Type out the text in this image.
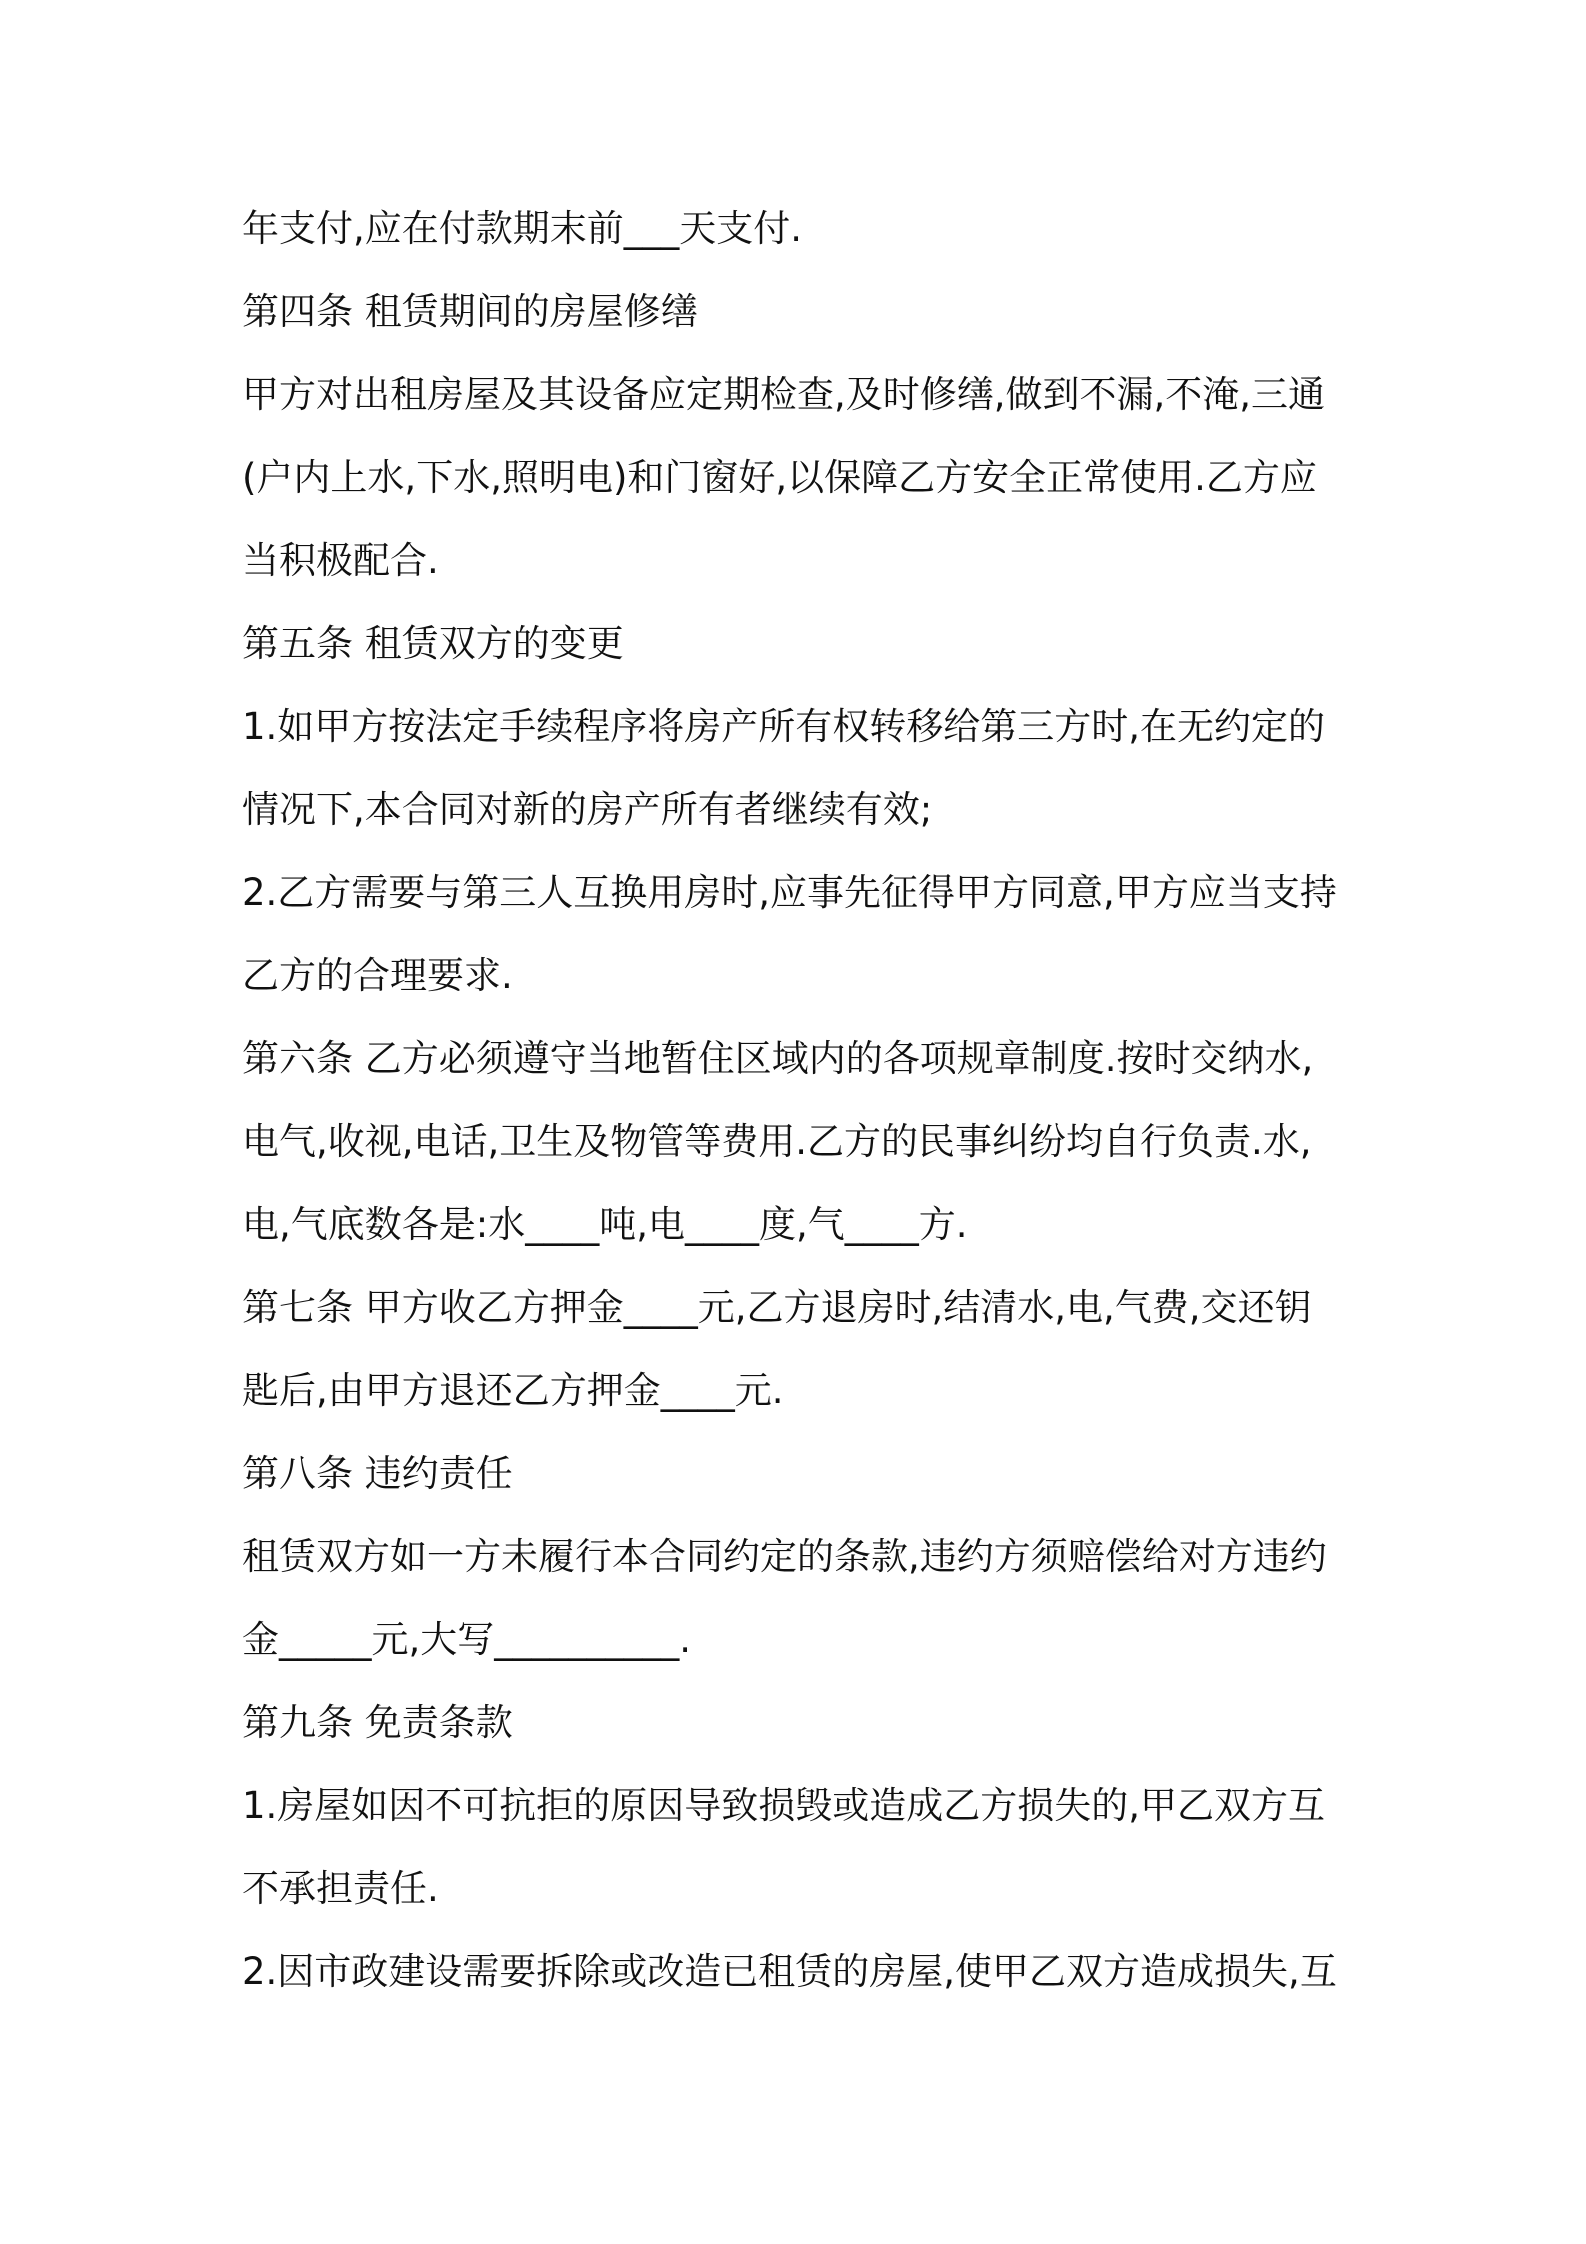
年支付,应在付款期末前___天支付.

第四条 租赁期间的房屋修缮

甲方对出租房屋及其设备应定期检查,及时修缮,做到不漏,不淹,三通

(户内上水,下水,照明电)和门窗好,以保障乙方安全正常使用.乙方应

当积极配合.

第五条 租赁双方的变更

1.如甲方按法定手续程序将房产所有权转移给第三方时,在无约定的

情况下,本合同对新的房产所有者继续有效;

2.乙方需要与第三人互换用房时,应事先征得甲方同意,甲方应当支持

乙方的合理要求.

第六条 乙方必须遵守当地暂住区域内的各项规章制度.按时交纳水,

电气,收视,电话,卫生及物管等费用.乙方的民事纠纷均自行负责.水,

电,气底数各是:水____吨,电____度,气____方.

第七条 甲方收乙方押金____元,乙方退房时,结清水,电,气费,交还钥

匙后,由甲方退还乙方押金____元.

第八条 违约责任

租赁双方如一方未履行本合同约定的条款,违约方须赔偿给对方违约

金_____元,大写__________.

第九条 免责条款

1.房屋如因不可抗拒的原因导致损毁或造成乙方损失的,甲乙双方互

不承担责任.

2.因市政建设需要拆除或改造已租赁的房屋,使甲乙双方造成损失,互
